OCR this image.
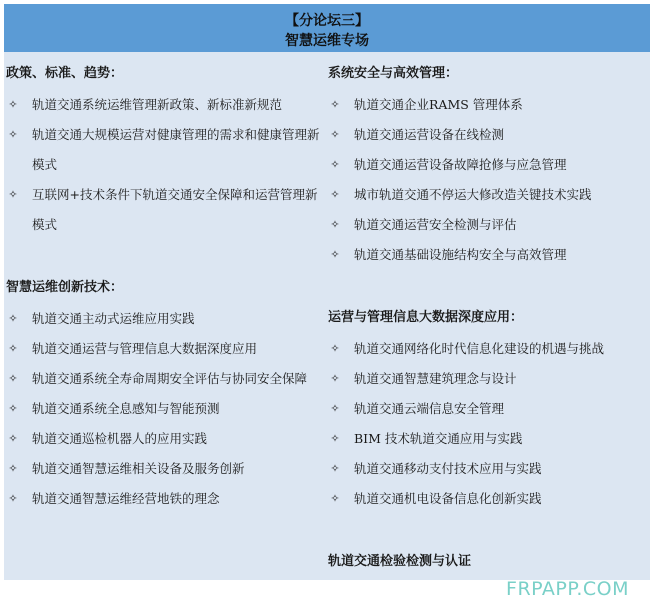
【分论坛三】
智慧运维专场
政策、标准、趋势：
✧ 轨道交通系统运维管理新政策、新标准新规范
✧ 轨道交通大规模运营对健康管理的需求和健康管理新模式
✧ 互联网+技术条件下轨道交通安全保障和运营管理新模式
智慧运维创新技术：
✧ 轨道交通主动式运维应用实践
✧ 轨道交通运营与管理信息大数据深度应用
✧ 轨道交通系统全寿命周期安全评估与协同安全保障
✧ 轨道交通系统全息感知与智能预测
✧ 轨道交通巡检机器人的应用实践
✧ 轨道交通智慧运维相关设备及服务创新
✧ 轨道交通智慧运维经营地铁的理念
系统安全与高效管理：
✧ 轨道交通企业RAMS 管理体系
✧ 轨道交通运营设备在线检测
✧ 轨道交通运营设备故障抢修与应急管理
✧ 城市轨道交通不停运大修改造关键技术实践
✧ 轨道交通运营安全检测与评估
✧ 轨道交通基础设施结构安全与高效管理
运营与管理信息大数据深度应用：
✧ 轨道交通网络化时代信息化建设的机遇与挑战
✧ 轨道交通智慧建筑理念与设计
✧ 轨道交通云端信息安全管理
✧ BIM 技术轨道交通应用与实践
✧ 轨道交通移动支付技术应用与实践
✧ 轨道交通机电设备信息化创新实践
轨道交通检验检测与认证
FRPAPP.COM
